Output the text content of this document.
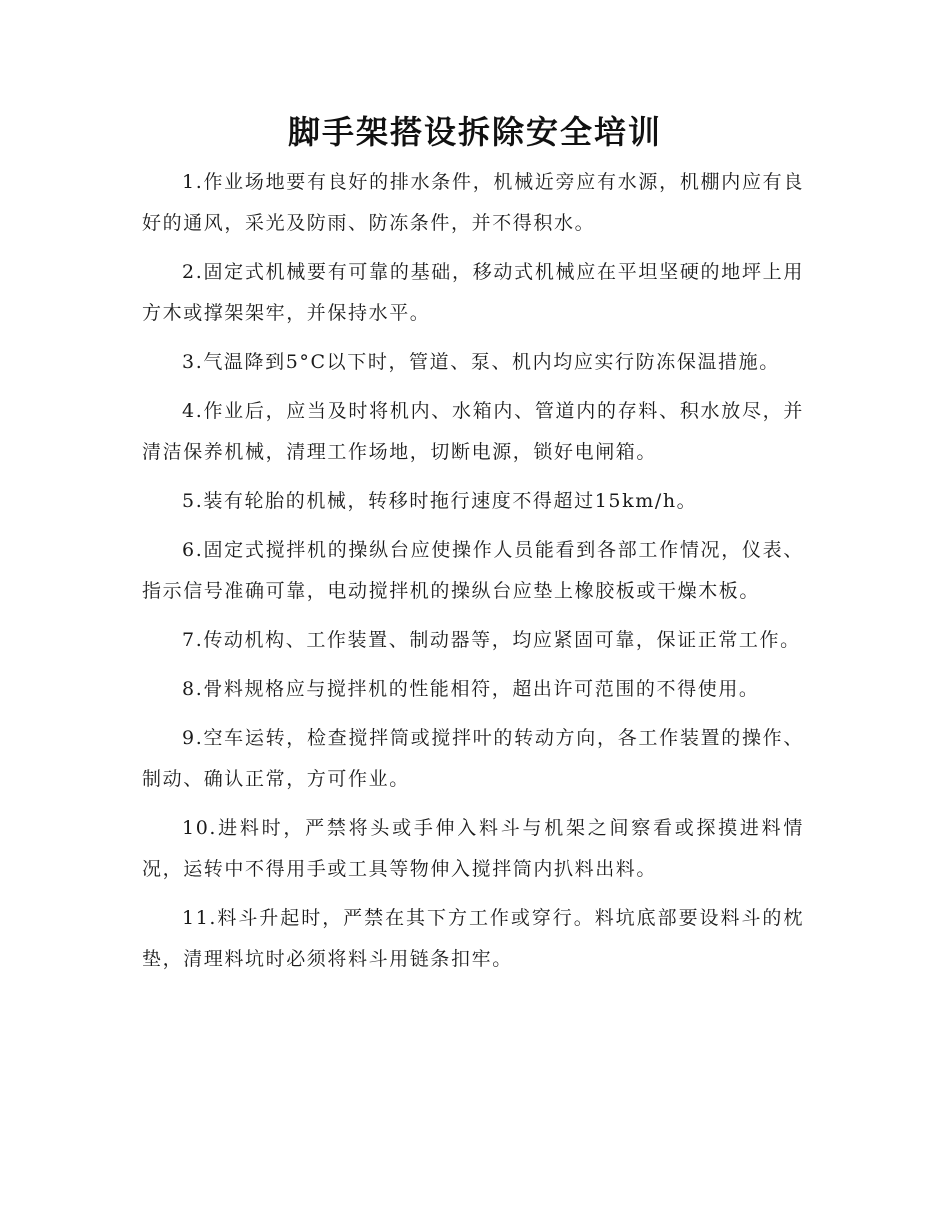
脚手架搭设拆除安全培训

1.作业场地要有良好的排水条件，机械近旁应有水源，机棚内应有良好的通风，采光及防雨、防冻条件，并不得积水。

2.固定式机械要有可靠的基础，移动式机械应在平坦坚硬的地坪上用方木或撑架架牢，并保持水平。

3.气温降到5°C以下时，管道、泵、机内均应实行防冻保温措施。

4.作业后，应当及时将机内、水箱内、管道内的存料、积水放尽，并清洁保养机械，清理工作场地，切断电源，锁好电闸箱。

5.装有轮胎的机械，转移时拖行速度不得超过15km/h。

6.固定式搅拌机的操纵台应使操作人员能看到各部工作情况，仪表、指示信号准确可靠，电动搅拌机的操纵台应垫上橡胶板或干燥木板。

7.传动机构、工作装置、制动器等，均应紧固可靠，保证正常工作。

8.骨料规格应与搅拌机的性能相符，超出许可范围的不得使用。

9.空车运转，检查搅拌筒或搅拌叶的转动方向，各工作装置的操作、制动、确认正常，方可作业。

10.进料时，严禁将头或手伸入料斗与机架之间察看或探摸进料情况，运转中不得用手或工具等物伸入搅拌筒内扒料出料。

11.料斗升起时，严禁在其下方工作或穿行。料坑底部要设料斗的枕垫，清理料坑时必须将料斗用链条扣牢。
